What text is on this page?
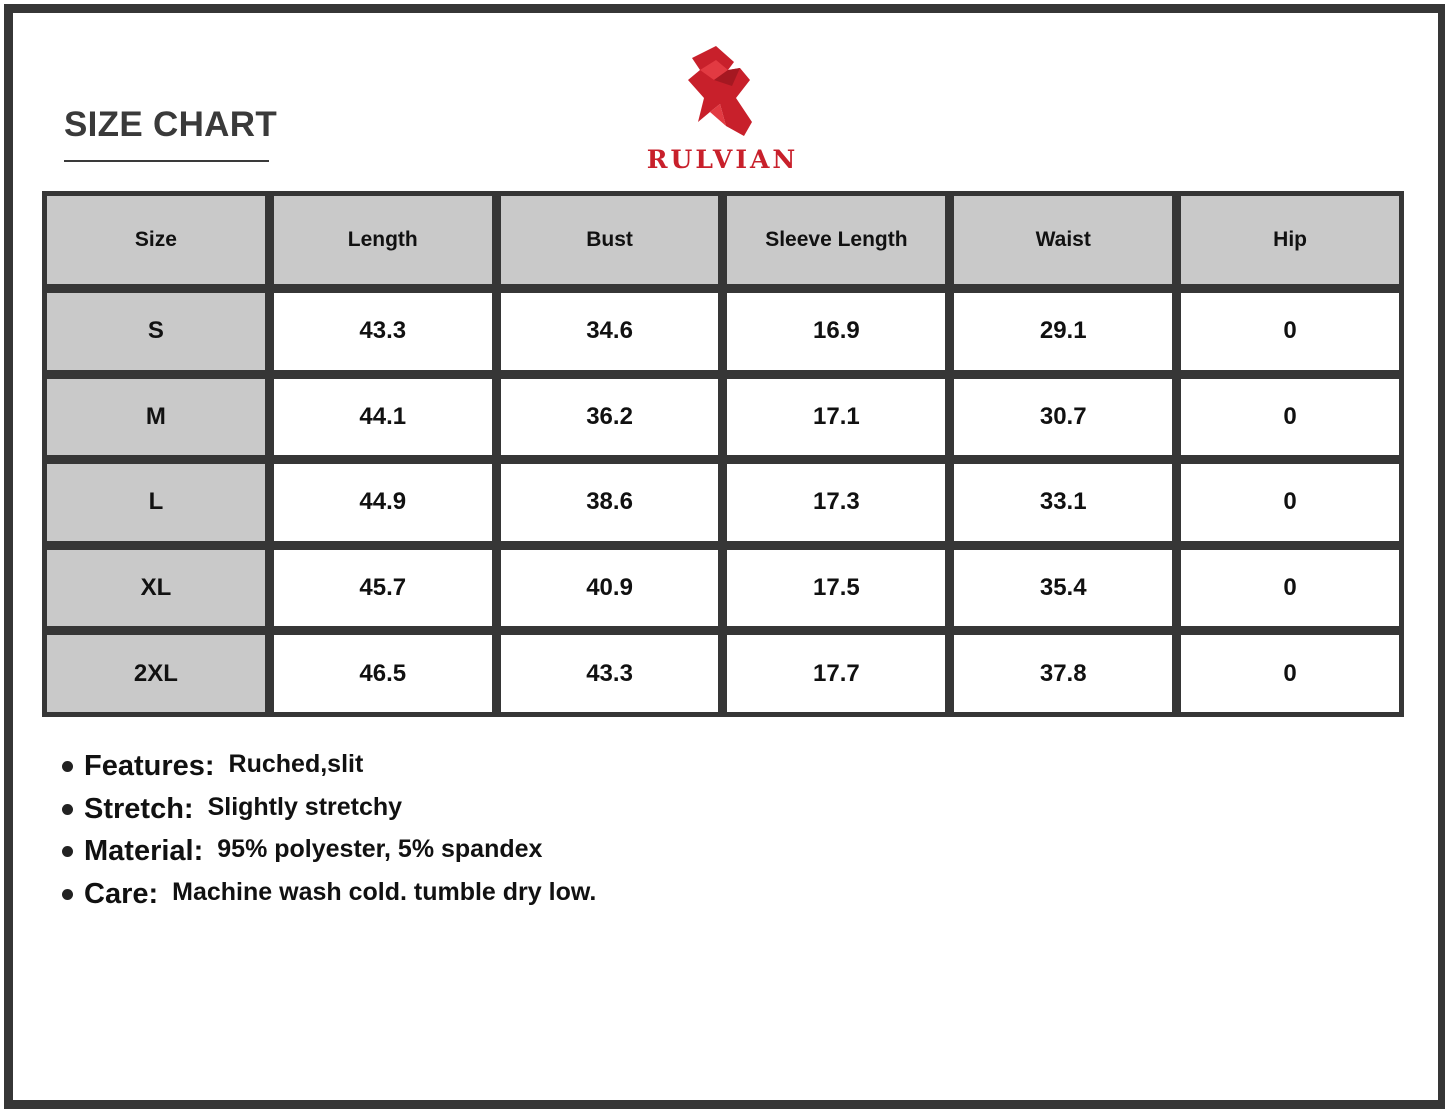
SIZE CHART
RULVIAN
Size	Length	Bust	Sleeve Length	Waist	Hip
S	43.3	34.6	16.9	29.1	0
M	44.1	36.2	17.1	30.7	0
L	44.9	38.6	17.3	33.1	0
XL	45.7	40.9	17.5	35.4	0
2XL	46.5	43.3	17.7	37.8	0
Features: Ruched,slit
Stretch: Slightly stretchy
Material: 95% polyester, 5% spandex
Care: Machine wash cold. tumble dry low.
